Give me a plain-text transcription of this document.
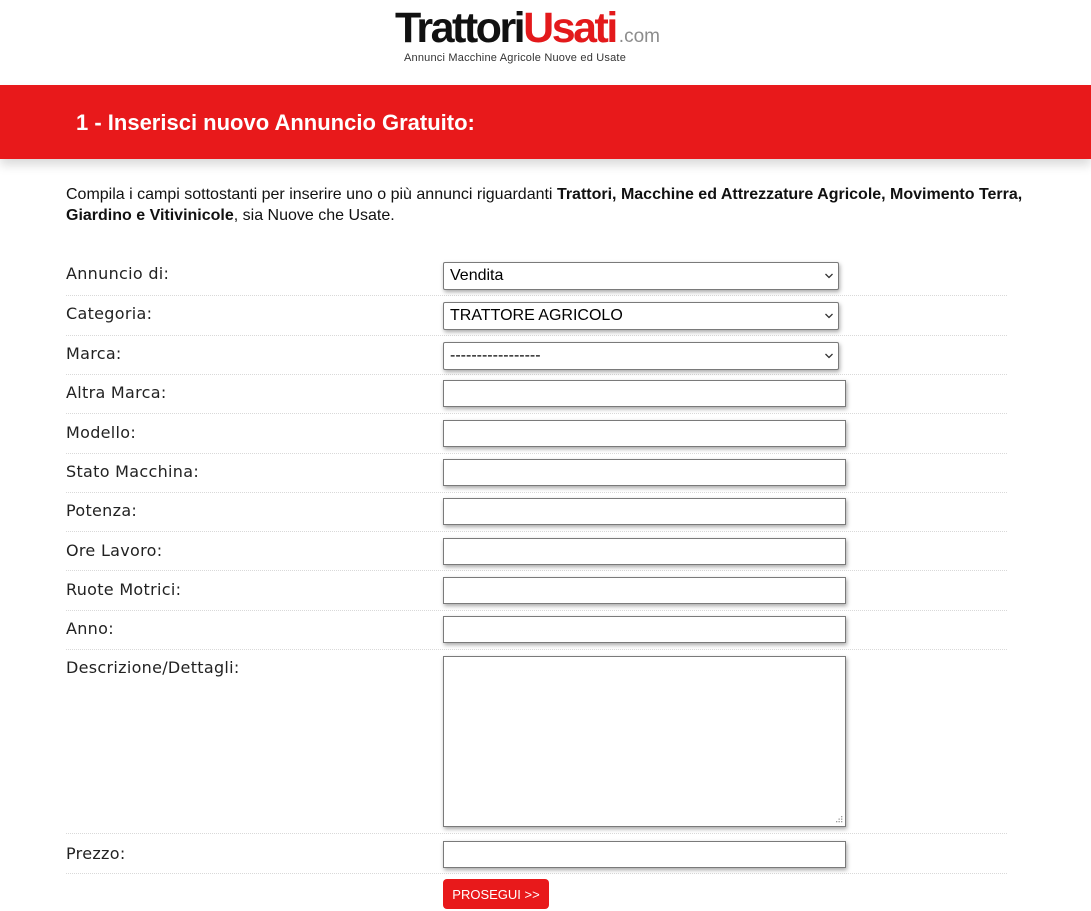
TrattoriUsati .com
Annunci Macchine Agricole Nuove ed Usate
1 - Inserisci nuovo Annuncio Gratuito:
Compila i campi sottostanti per inserire uno o più annunci riguardanti Trattori, Macchine ed Attrezzature Agricole, Movimento Terra, Giardino e Vitivinicole, sia Nuove che Usate.
Annuncio di:	Vendita
Categoria:	TRATTORE AGRICOLO
Marca:	-----------------
Altra Marca:
Modello:
Stato Macchina:
Potenza:
Ore Lavoro:
Ruote Motrici:
Anno:
Descrizione/Dettagli:
Prezzo:
PROSEGUI >>
